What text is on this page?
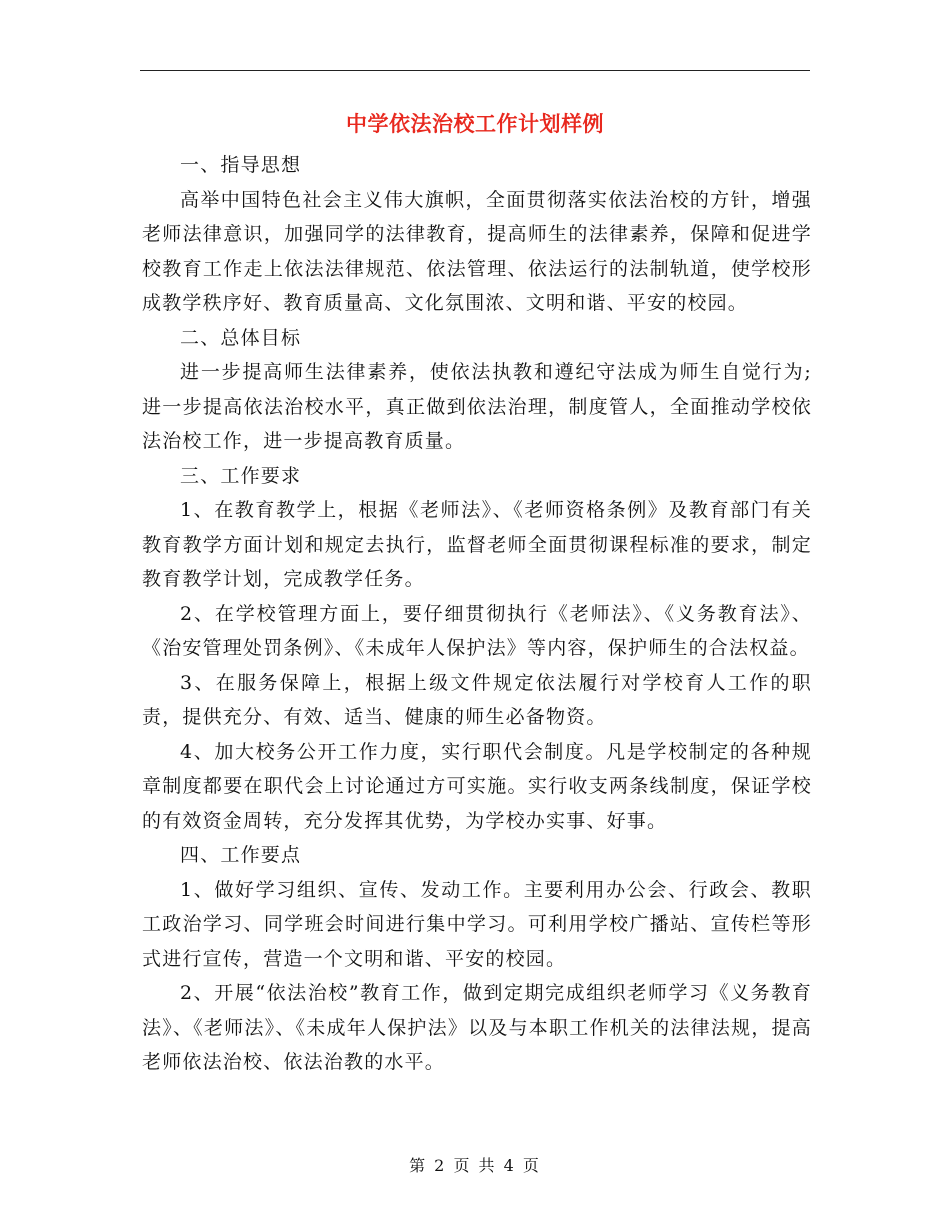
中学依法治校工作计划样例

一、指导思想

高举中国特色社会主义伟大旗帜，全面贯彻落实依法治校的方针，增强老师法律意识，加强同学的法律教育，提高师生的法律素养，保障和促进学校教育工作走上依法法律规范、依法管理、依法运行的法制轨道，使学校形成教学秩序好、教育质量高、文化氛围浓、文明和谐、平安的校园。

二、总体目标

进一步提高师生法律素养，使依法执教和遵纪守法成为师生自觉行为;进一步提高依法治校水平，真正做到依法治理，制度管人，全面推动学校依法治校工作，进一步提高教育质量。

三、工作要求

1、在教育教学上，根据《老师法》、《老师资格条例》及教育部门有关教育教学方面计划和规定去执行，监督老师全面贯彻课程标准的要求，制定教育教学计划，完成教学任务。

2、在学校管理方面上，要仔细贯彻执行《老师法》、《义务教育法》、《治安管理处罚条例》、《未成年人保护法》等内容，保护师生的合法权益。

3、在服务保障上，根据上级文件规定依法履行对学校育人工作的职责，提供充分、有效、适当、健康的师生必备物资。

4、加大校务公开工作力度，实行职代会制度。凡是学校制定的各种规章制度都要在职代会上讨论通过方可实施。实行收支两条线制度，保证学校的有效资金周转，充分发挥其优势，为学校办实事、好事。

四、工作要点

1、做好学习组织、宣传、发动工作。主要利用办公会、行政会、教职工政治学习、同学班会时间进行集中学习。可利用学校广播站、宣传栏等形式进行宣传，营造一个文明和谐、平安的校园。

2、开展“依法治校”教育工作，做到定期完成组织老师学习《义务教育法》、《老师法》、《未成年人保护法》以及与本职工作机关的法律法规，提高老师依法治校、依法治教的水平。

第 2 页 共 4 页
